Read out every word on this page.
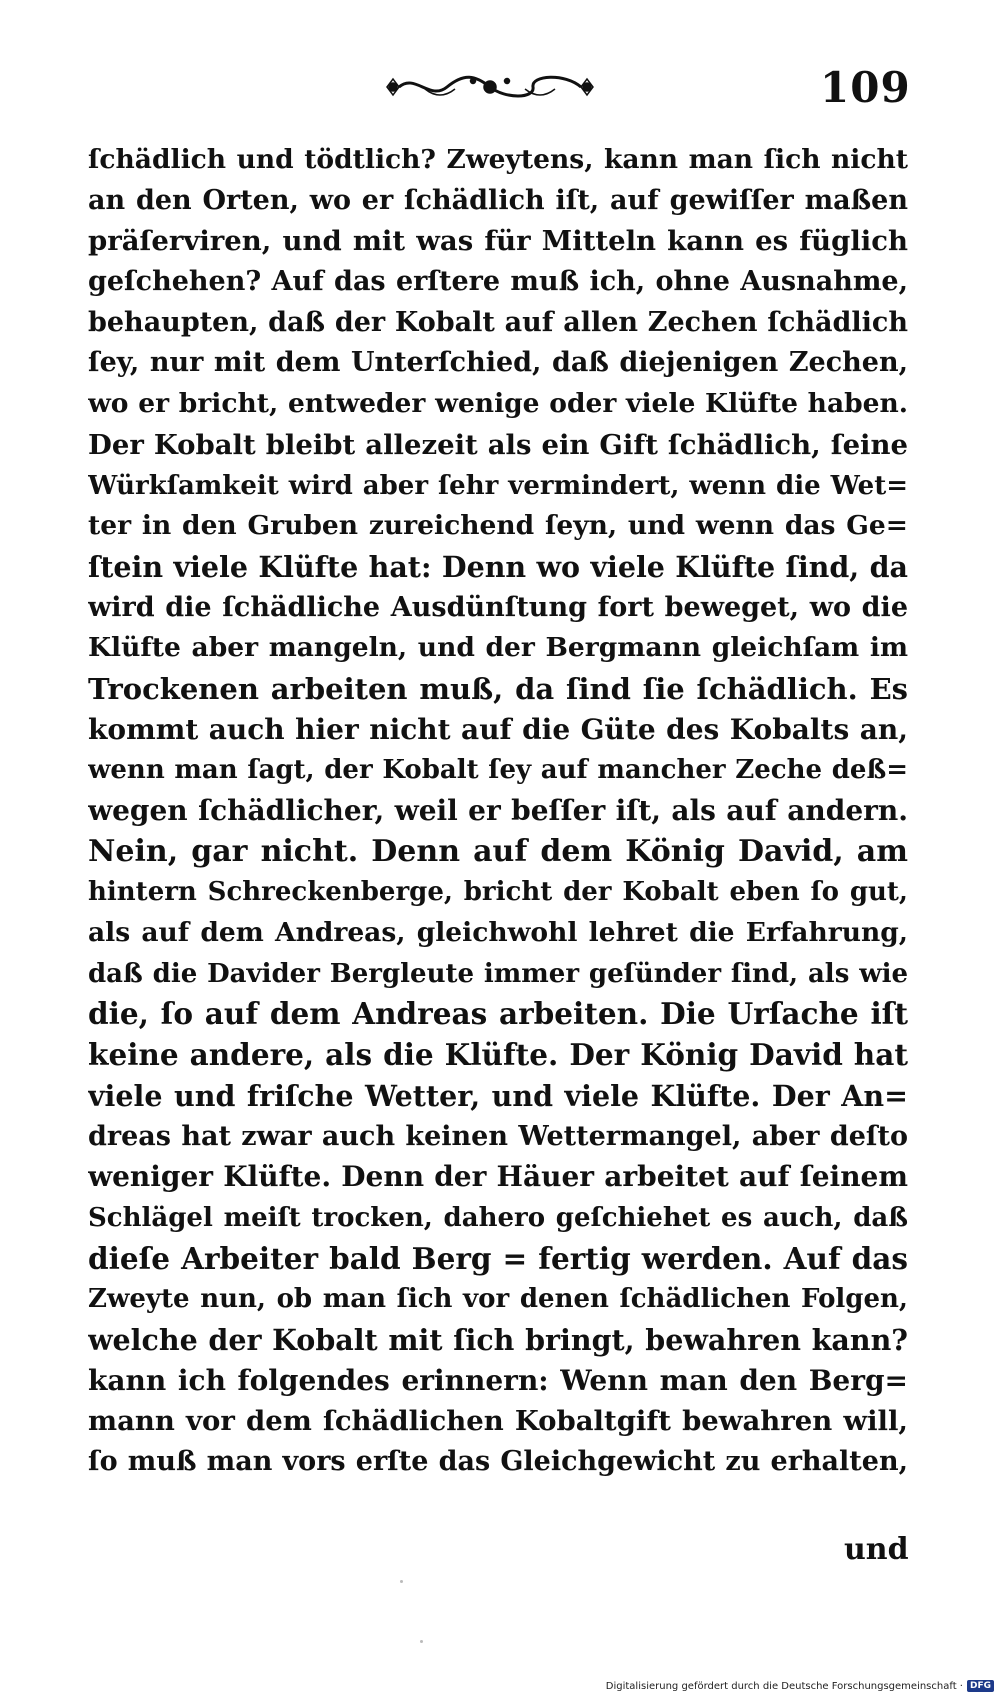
109
ſchädlich und tödtlich? Zweytens, kann man ſich nicht
an den Orten, wo er ſchädlich iſt, auf gewiſſer maßen
präſerviren, und mit was für Mitteln kann es füglich
geſchehen? Auf das erſtere muß ich, ohne Ausnahme,
behaupten, daß der Kobalt auf allen Zechen ſchädlich
ſey, nur mit dem Unterſchied, daß diejenigen Zechen,
wo er bricht, entweder wenige oder viele Klüfte haben.
Der Kobalt bleibt allezeit als ein Gift ſchädlich, ſeine
Würkſamkeit wird aber ſehr vermindert, wenn die Wet=
ter in den Gruben zureichend ſeyn, und wenn das Ge=
ſtein viele Klüfte hat: Denn wo viele Klüfte ſind, da
wird die ſchädliche Ausdünſtung fort beweget, wo die
Klüfte aber mangeln, und der Bergmann gleichſam im
Trockenen arbeiten muß, da ſind ſie ſchädlich. Es
kommt auch hier nicht auf die Güte des Kobalts an,
wenn man ſagt, der Kobalt ſey auf mancher Zeche deß=
wegen ſchädlicher, weil er beſſer iſt, als auf andern.
Nein, gar nicht. Denn auf dem König David, am
hintern Schreckenberge, bricht der Kobalt eben ſo gut,
als auf dem Andreas, gleichwohl lehret die Erfahrung,
daß die Davider Bergleute immer geſünder ſind, als wie
die, ſo auf dem Andreas arbeiten. Die Urſache iſt
keine andere, als die Klüfte. Der König David hat
viele und friſche Wetter, und viele Klüfte. Der An=
dreas hat zwar auch keinen Wettermangel, aber deſto
weniger Klüfte. Denn der Häuer arbeitet auf ſeinem
Schlägel meiſt trocken, dahero geſchiehet es auch, daß
dieſe Arbeiter bald Berg = fertig werden. Auf das
Zweyte nun, ob man ſich vor denen ſchädlichen Folgen,
welche der Kobalt mit ſich bringt, bewahren kann?
kann ich folgendes erinnern: Wenn man den Berg=
mann vor dem ſchädlichen Kobaltgift bewahren will,
ſo muß man vors erſte das Gleichgewicht zu erhalten,
und
Digitalisierung gefördert durch die Deutsche Forschungsgemeinschaft · DFG
